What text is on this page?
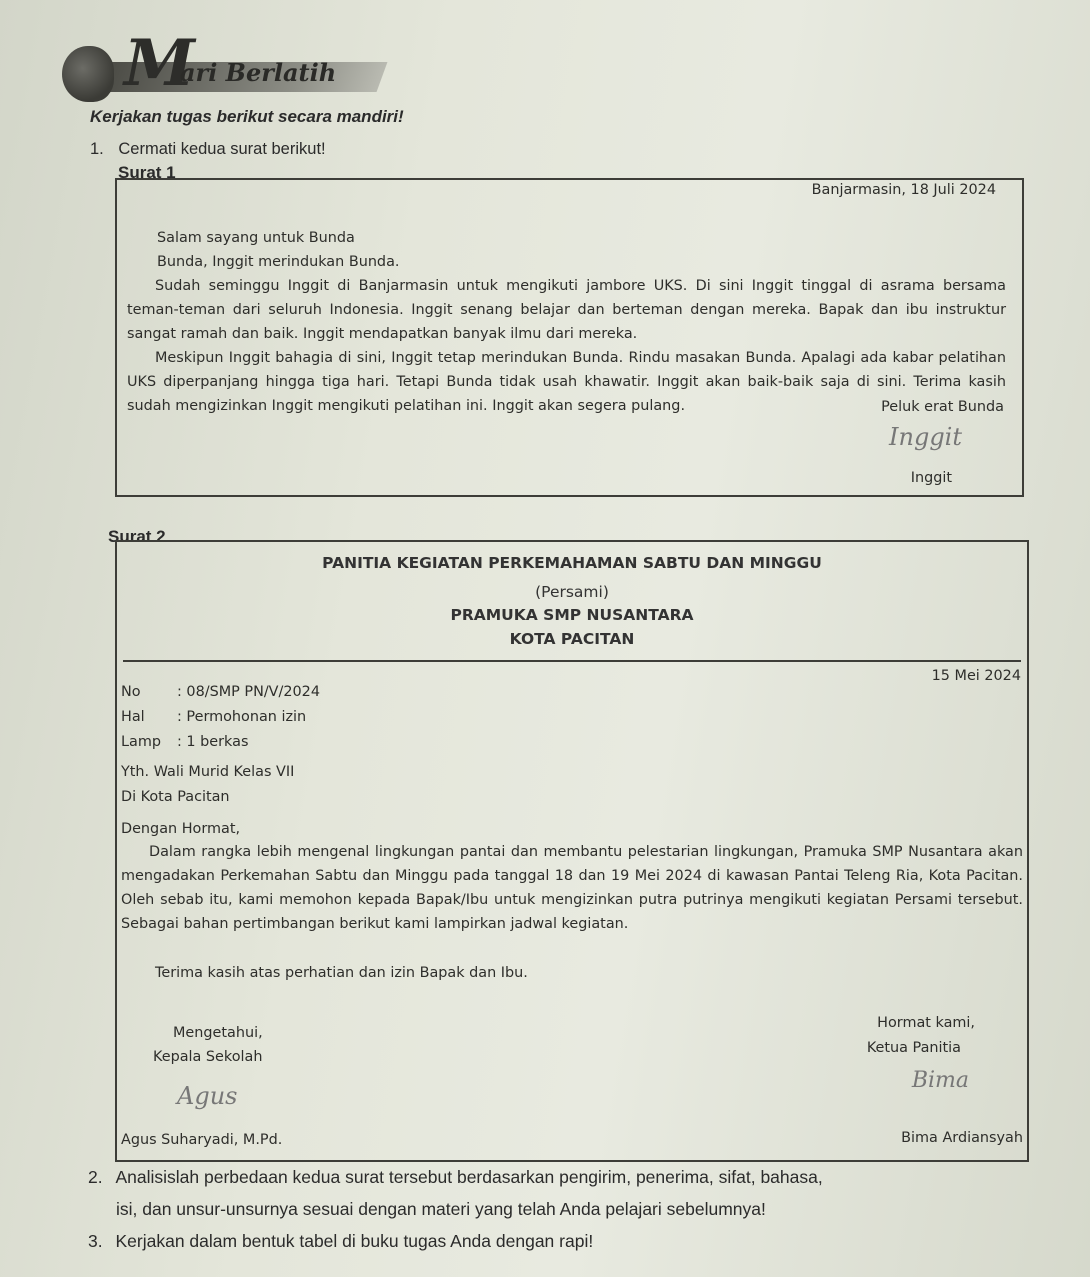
M
ari Berlatih
Kerjakan tugas berikut secara mandiri!
1. Cermati kedua surat berikut!
Surat 1
Banjarmasin, 18 Juli 2024
Salam sayang untuk Bunda
Bunda, Inggit merindukan Bunda.
Sudah seminggu Inggit di Banjarmasin untuk mengikuti jambore UKS. Di sini Inggit tinggal di asrama bersama teman-teman dari seluruh Indonesia. Inggit senang belajar dan berteman dengan mereka. Bapak dan ibu instruktur sangat ramah dan baik. Inggit mendapatkan banyak ilmu dari mereka.
Meskipun Inggit bahagia di sini, Inggit tetap merindukan Bunda. Rindu masakan Bunda. Apalagi ada kabar pelatihan UKS diperpanjang hingga tiga hari. Tetapi Bunda tidak usah khawatir. Inggit akan baik-baik saja di sini. Terima kasih sudah mengizinkan Inggit mengikuti pelatihan ini. Inggit akan segera pulang.	Peluk erat Bunda
Inggit
Inggit
Surat 2
PANITIA KEGIATAN PERKEMAHAMAN SABTU DAN MINGGU
(Persami)
PRAMUKA SMP NUSANTARA
KOTA PACITAN
15 Mei 2024
No	: 08/SMP PN/V/2024
Hal : Permohonan izin
Lamp : 1 berkas
Yth. Wali Murid Kelas VII
Di Kota Pacitan
Dengan Hormat,
Dalam rangka lebih mengenal lingkungan pantai dan membantu pelestarian lingkungan, Pramuka SMP Nusantara akan mengadakan Perkemahan Sabtu dan Minggu pada tanggal 18 dan 19 Mei 2024 di kawasan Pantai Teleng Ria, Kota Pacitan. Oleh sebab itu, kami memohon kepada Bapak/Ibu untuk mengizinkan putra putrinya mengikuti kegiatan Persami tersebut. Sebagai bahan pertimbangan berikut kami lampirkan jadwal kegiatan.
Terima kasih atas perhatian dan izin Bapak dan Ibu.
Mengetahui,
Kepala Sekolah
Agus
Agus Suharyadi, M.Pd.
Hormat kami,
Ketua Panitia
Bima
Bima Ardiansyah
2. Analisislah perbedaan kedua surat tersebut berdasarkan pengirim, penerima, sifat, bahasa,
isi, dan unsur-unsurnya sesuai dengan materi yang telah Anda pelajari sebelumnya!
3. Kerjakan dalam bentuk tabel di buku tugas Anda dengan rapi!
